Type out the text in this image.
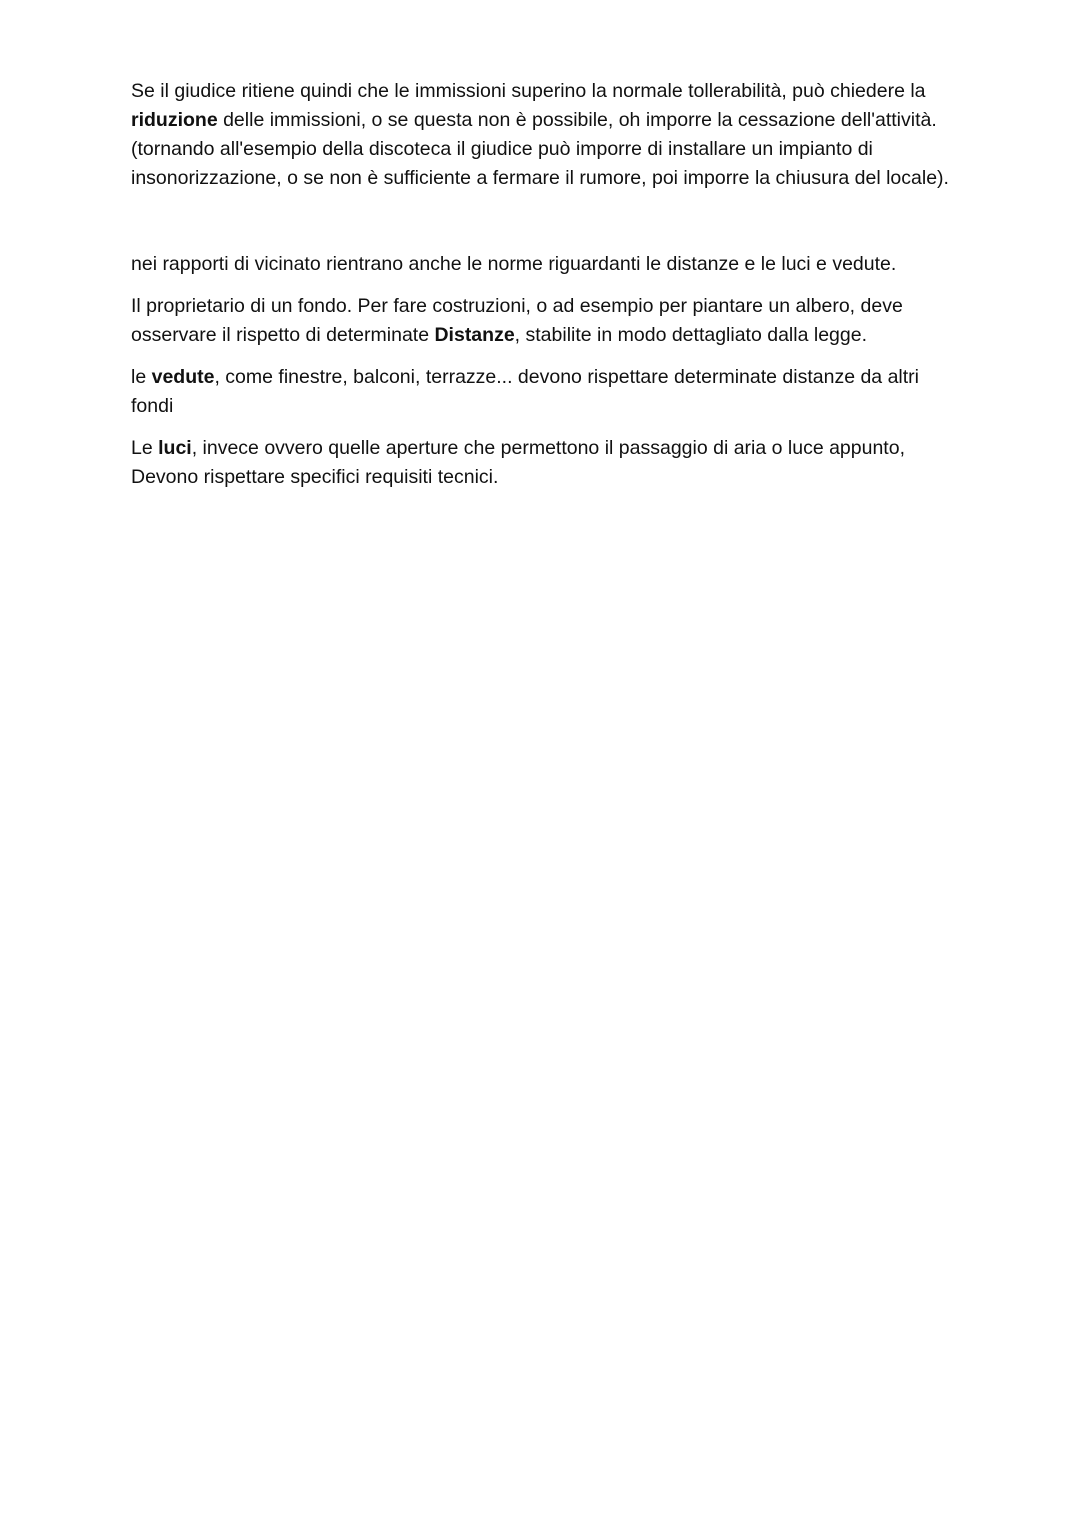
Se il giudice ritiene quindi che le immissioni superino la normale tollerabilità, può chiedere la riduzione delle immissioni, o se questa non è possibile, oh imporre la cessazione dell'attività. (tornando all'esempio della discoteca il giudice può imporre di installare un impianto di insonorizzazione, o se non è sufficiente a fermare il rumore, poi imporre la chiusura del locale).

nei rapporti di vicinato rientrano anche le norme riguardanti le distanze e le luci e vedute.

Il proprietario di un fondo. Per fare costruzioni, o ad esempio per piantare un albero, deve osservare il rispetto di determinate Distanze, stabilite in modo dettagliato dalla legge.

le vedute, come finestre, balconi, terrazze... devono rispettare determinate distanze da altri fondi

Le luci, invece ovvero quelle aperture che permettono il passaggio di aria o luce appunto, Devono rispettare specifici requisiti tecnici.
